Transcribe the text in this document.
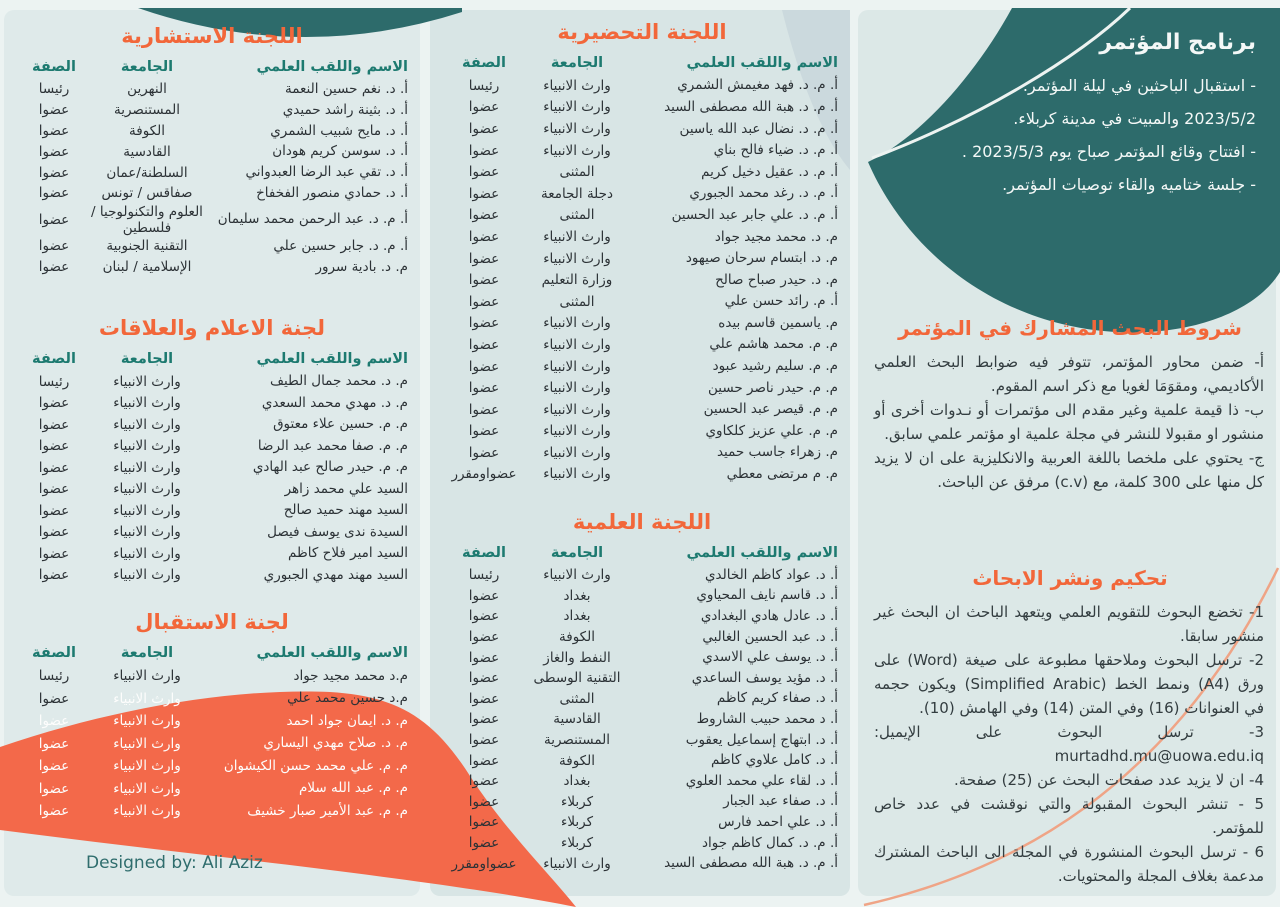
برنامج المؤتمر
- استقبال الباحثين في ليلة المؤتمر.
2023/5/2 والمبيت في مدينة كربلاء.
- افتتاح وقائع المؤتمر صباح يوم 2023/5/3 .
- جلسة ختاميه والقاء توصيات المؤتمر.
شروط البحث المشارك في المؤتمر
أ- ضمن محاور المؤتمر، تتوفر فيه ضوابط البحث العلمي الأكاديمي، ومقوَمَا لغويا مع ذكر اسم المقوم.
ب- ذا قيمة علمية وغير مقدم الى مؤتمرات أو نـدوات أخرى أو منشور او مقبولا للنشر في مجلة علمية او مؤتمر علمي سابق.
ج- يحتوي على ملخصا باللغة العربية والانكليزية على ان لا يزيد كل منها على 300 كلمة، مع (c.v) مرفق عن الباحث.
تحكيم ونشر الابحاث
1- تخضع البحوث للتقويم العلمي ويتعهد الباحث ان البحث غير منشور سابقا.
2- ترسل البحوث وملاحقها مطبوعة على صيغة (Word) على ورق (A4) ونمط الخط (Simplified Arabic) ويكون حجمه في العنوانات (16) وفي المتن (14) وفي الهامش (10).
3- ترسل البحوث على الإيميل: murtadhd.mu@uowa.edu.iq
4- ان لا يزيد عدد صفحات البحث عن (25) صفحة.
5 - تنشر البحوث المقبولة والتي نوقشت في عدد خاص للمؤتمر.
6 - ترسل البحوث المنشورة في المجلة الى الباحث المشترك مدعمة بغلاف المجلة والمحتويات.
اللجنة التحضيرية
الاسم واللقب العلمي
الجامعة
الصفة
أ. م. د. فهد مغيمش الشمري
وارث الانبياء
رئيسا
أ. م. د. هبة الله مصطفى السيد
وارث الانبياء
عضوا
أ. م. د. نضال عبد الله ياسين
وارث الانبياء
عضوا
أ. م. د. ضياء فالح بناي
وارث الانبياء
عضوا
أ. م. د. عقيل دخيل كريم
المثنى
عضوا
أ. م. د. رغد محمد الجبوري
دجلة الجامعة
عضوا
أ. م. د. علي جابر عبد الحسين
المثنى
عضوا
م. د. محمد مجيد جواد
وارث الانبياء
عضوا
م. د. ابتسام سرحان صيهود
وارث الانبياء
عضوا
م. د. حيدر صباح صالح
وزارة التعليم
عضوا
أ. م. رائد حسن علي
المثنى
عضوا
م. ياسمين قاسم بيده
وارث الانبياء
عضوا
م. م. محمد هاشم علي
وارث الانبياء
عضوا
م. م. سليم رشيد عبود
وارث الانبياء
عضوا
م. م. حيدر ناصر حسين
وارث الانبياء
عضوا
م. م. قيصر عبد الحسين
وارث الانبياء
عضوا
م. م. علي عزيز كلكاوي
وارث الانبياء
عضوا
م. زهراء جاسب حميد
وارث الانبياء
عضوا
م. م مرتضى معطي
وارث الانبياء
عضواومقرر
اللجنة العلمية
الاسم واللقب العلمي
الجامعة
الصفة
أ. د. عواد كاظم الخالدي
وارث الانبياء
رئيسا
أ. د. قاسم نايف المحياوي
بغداد
عضوا
أ. د. عادل هادي البغدادي
بغداد
عضوا
أ. د. عبد الحسين الغالبي
الكوفة
عضوا
أ. د. يوسف علي الاسدي
النفط والغاز
عضوا
أ. د. مؤيد يوسف الساعدي
التقنية الوسطى
عضوا
أ. د. صفاء كريم كاظم
المثنى
عضوا
أ. د محمد حبيب الشاروط
القادسية
عضوا
أ. د. ابتهاج إسماعيل يعقوب
المستنصرية
عضوا
أ. د. كامل علاوي كاظم
الكوفة
عضوا
أ. د. لقاء علي محمد العلوي
بغداد
عضوا
أ. د. صفاء عبد الجبار
كربلاء
عضوا
أ. د. علي احمد فارس
كربلاء
عضوا
أ. م. د. كمال كاظم جواد
كربلاء
عضوا
أ. م. د. هبة الله مصطفى السيد
وارث الانبياء
عضواومقرر
اللجنة الاستشارية
الاسم واللقب العلمي
الجامعة
الصفة
أ. د. نغم حسين النعمة
النهرين
رئيسا
أ. د. بثينة راشد حميدي
المستنصرية
عضوا
أ. د. مايح شبيب الشمري
الكوفة
عضوا
أ. د. سوسن كريم هودان
القادسية
عضوا
أ. د. تقي عبد الرضا العبدواني
السلطنة/عمان
عضوا
أ. د. حمادي منصور الفخفاخ
صفاقس / تونس
عضوا
أ. م. د. عبد الرحمن محمد سليمان
العلوم والتكنولوجيا / فلسطين
عضوا
أ. م. د. جابر حسين علي
التقنية الجنوبية
عضوا
م. د. بادية سرور
الإسلامية / لبنان
عضوا
لجنة الاعلام والعلاقات
الاسم واللقب العلمي
الجامعة
الصفة
م. د. محمد جمال الطيف
وارث الانبياء
رئيسا
م. د. مهدي محمد السعدي
وارث الانبياء
عضوا
م. م. حسين علاء معتوق
وارث الانبياء
عضوا
م. م. صفا محمد عبد الرضا
وارث الانبياء
عضوا
م. م. حيدر صالح عبد الهادي
وارث الانبياء
عضوا
السيد علي محمد زاهر
وارث الانبياء
عضوا
السيد مهند حميد صالح
وارث الانبياء
عضوا
السيدة ندى يوسف فيصل
وارث الانبياء
عضوا
السيد امير فلاح كاظم
وارث الانبياء
عضوا
السيد مهند مهدي الجبوري
وارث الانبياء
عضوا
لجنة الاستقبال
الاسم واللقب العلمي
الجامعة
الصفة
م.د محمد مجيد جواد
وارث الانبياء
رئيسا
م.د حسين محمد علي
وارث الانبياء
عضوا
م. د. ايمان جواد احمد
وارث الانبياء
عضوا
م. د. صلاح مهدي اليساري
وارث الانبياء
عضوا
م. م. علي محمد حسن الكيشوان
وارث الانبياء
عضوا
م. م. عبد الله سلام
وارث الانبياء
عضوا
م. م. عبد الأمير صبار خشيف
وارث الانبياء
عضوا
Designed by: Ali Aziz
